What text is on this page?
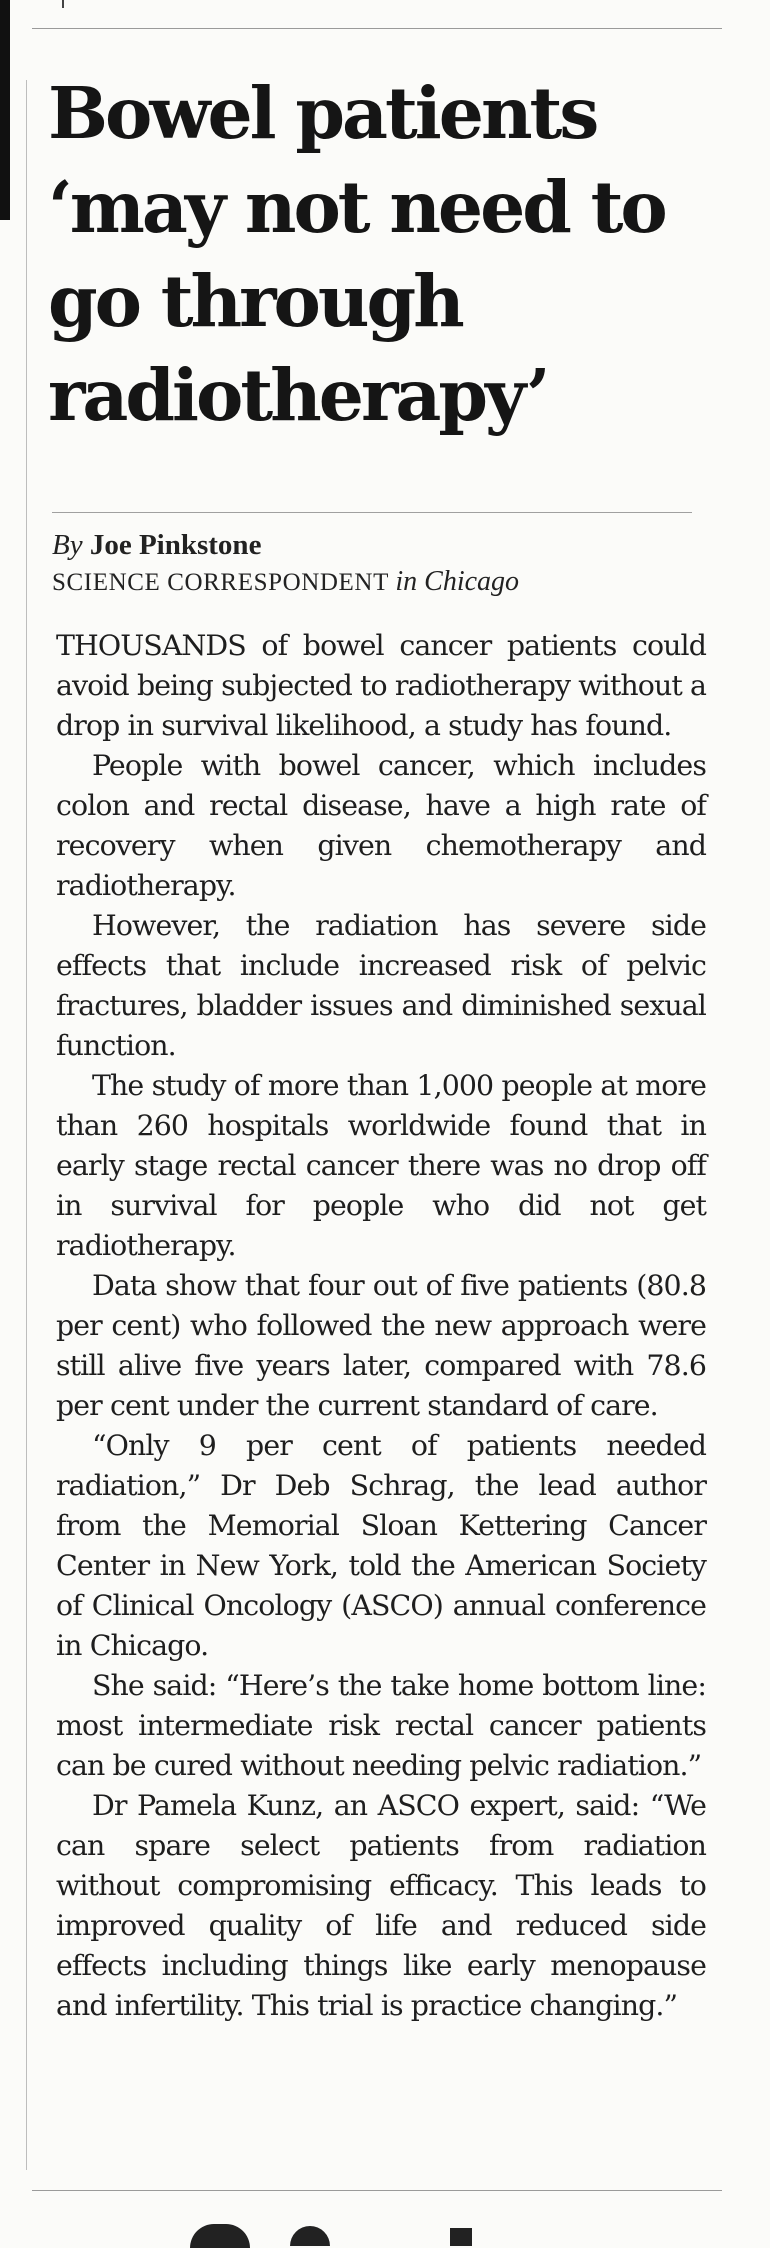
Bowel patients ‘may not need to go through radiotherapy’
By Joe Pinkstone
SCIENCE CORRESPONDENT in Chicago

THOUSANDS of bowel cancer patients could avoid being subjected to radiotherapy without a drop in survival likelihood, a study has found.

People with bowel cancer, which includes colon and rectal disease, have a high rate of recovery when given chemotherapy and radiotherapy.

However, the radiation has severe side effects that include increased risk of pelvic fractures, bladder issues and diminished sexual function.

The study of more than 1,000 people at more than 260 hospitals worldwide found that in early stage rectal cancer there was no drop off in survival for people who did not get radiotherapy.

Data show that four out of five patients (80.8 per cent) who followed the new approach were still alive five years later, compared with 78.6 per cent under the current standard of care.

“Only 9 per cent of patients needed radiation,” Dr Deb Schrag, the lead author from the Memorial Sloan Kettering Cancer Center in New York, told the American Society of Clinical Oncology (ASCO) annual conference in Chicago.

She said: “Here’s the take home bottom line: most intermediate risk rectal cancer patients can be cured without needing pelvic radiation.”

Dr Pamela Kunz, an ASCO expert, said: “We can spare select patients from radiation without compromising efficacy. This leads to improved quality of life and reduced side effects including things like early menopause and infertility. This trial is practice changing.”
